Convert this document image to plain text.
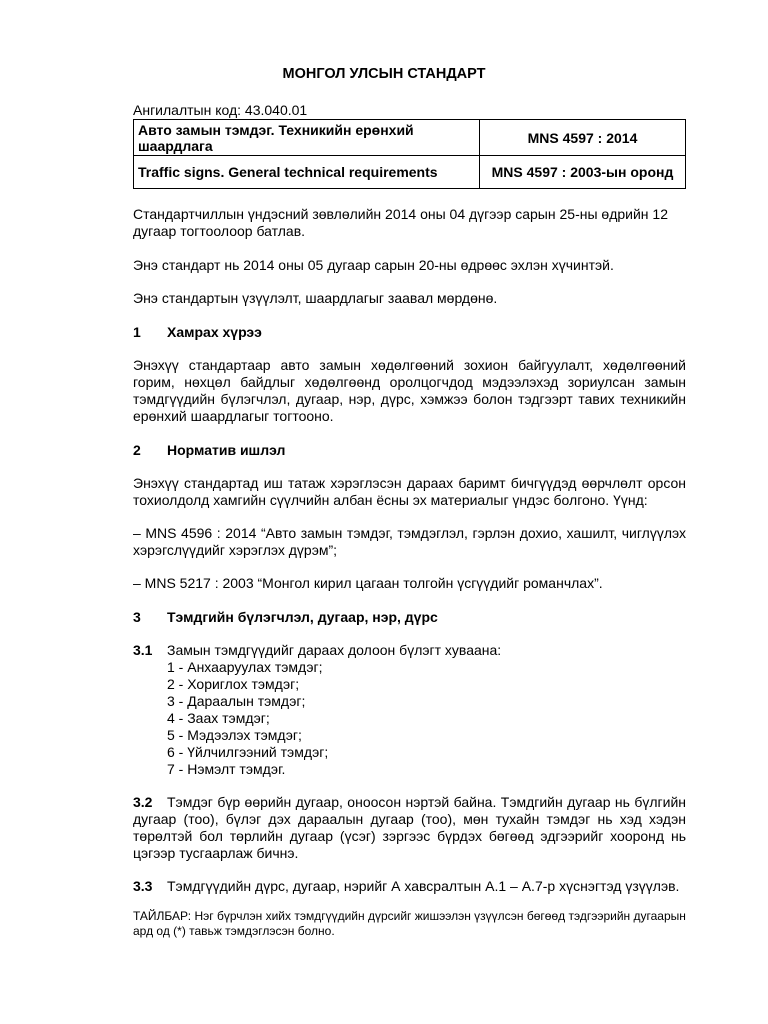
МОНГОЛ УЛСЫН СТАНДАРТ
Ангилалтын код: 43.040.01
Авто замын тэмдэг. Техникийн ерөнхий шаардлага	MNS 4597 : 2014
Traffic signs. General technical requirements	MNS 4597 : 2003-ын оронд
Стандартчиллын үндэсний зөвлөлийн 2014 оны 04 дүгээр сарын 25-ны өдрийн 12 дугаар тогтоолоор батлав.
Энэ стандарт нь 2014 оны 05 дугаар сарын 20-ны өдрөөс эхлэн хүчинтэй.
Энэ стандартын үзүүлэлт, шаардлагыг заавал мөрдөнө.
1 Хамрах хүрээ
Энэхүү стандартаар авто замын хөдөлгөөний зохион байгуулалт, хөдөлгөөний горим, нөхцөл байдлыг хөдөлгөөнд оролцогчдод мэдээлэхэд зориулсан замын тэмдгүүдийн бүлэгчлэл, дугаар, нэр, дүрс, хэмжээ болон тэдгээрт тавих техникийн ерөнхий шаардлагыг тогтооно.
2 Норматив ишлэл
Энэхүү стандартад иш татаж хэрэглэсэн дараах баримт бичгүүдэд өөрчлөлт орсон тохиолдолд хамгийн сүүлчийн албан ёсны эх материалыг үндэс болгоно. Үүнд:
– MNS 4596 : 2014 “Авто замын тэмдэг, тэмдэглэл, гэрлэн дохио, хашилт, чиглүүлэх хэрэгслүүдийг хэрэглэх дүрэм”;
– MNS 5217 : 2003 “Монгол кирил цагаан толгойн үсгүүдийг романчлах”.
3 Тэмдгийн бүлэгчлэл, дугаар, нэр, дүрс
3.1 Замын тэмдгүүдийг дараах долоон бүлэгт хуваана:
1 - Анхааруулах тэмдэг;
2 - Хориглох тэмдэг;
3 - Дараалын тэмдэг;
4 - Заах тэмдэг;
5 - Мэдээлэх тэмдэг;
6 - Үйлчилгээний тэмдэг;
7 - Нэмэлт тэмдэг.
3.2 Тэмдэг бүр өөрийн дугаар, оноосон нэртэй байна. Тэмдгийн дугаар нь бүлгийн дугаар (тоо), бүлэг дэх дараалын дугаар (тоо), мөн тухайн тэмдэг нь хэд хэдэн төрөлтэй бол төрлийн дугаар (үсэг) зэргээс бүрдэх бөгөөд эдгээрийг хооронд нь цэгээр тусгаарлаж бичнэ.
3.3 Тэмдгүүдийн дүрс, дугаар, нэрийг А хавсралтын А.1 – А.7-р хүснэгтэд үзүүлэв.
ТАЙЛБАР: Нэг бүрчлэн хийх тэмдгүүдийн дүрсийг жишээлэн үзүүлсэн бөгөөд тэдгээрийн дугаарын ард од (*) тавьж тэмдэглэсэн болно.
